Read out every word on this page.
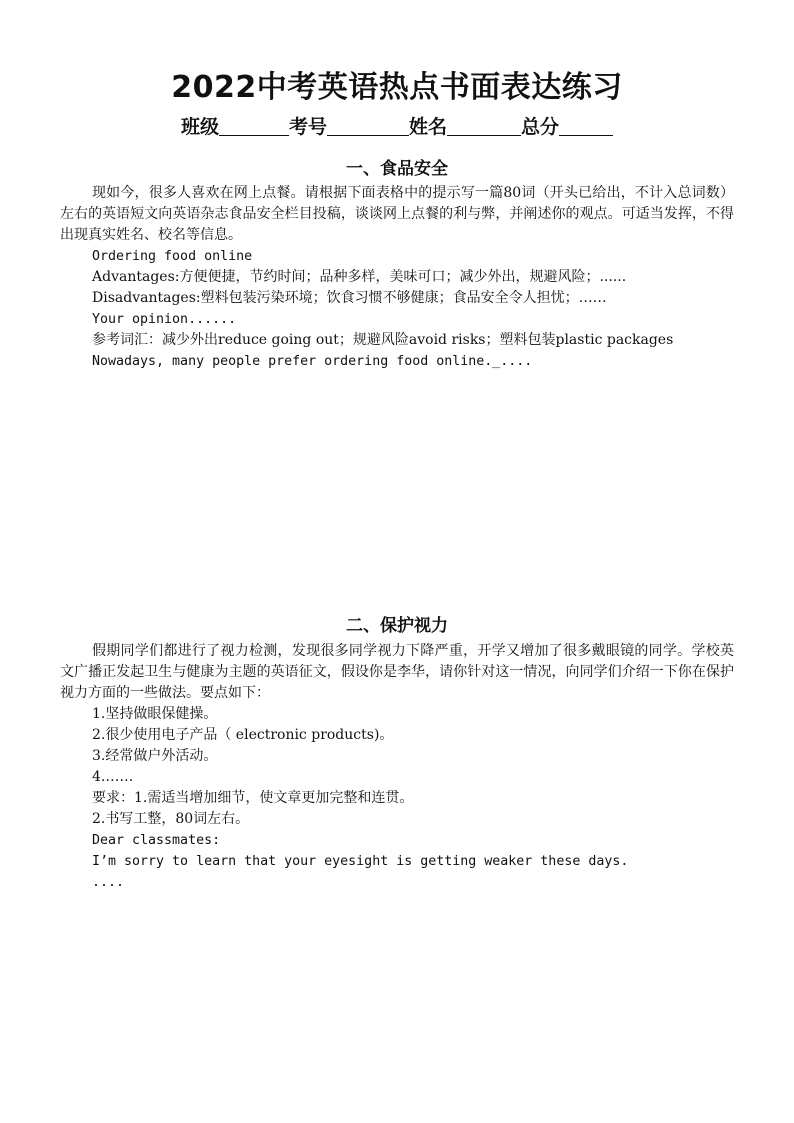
2022中考英语热点书面表达练习
班级	考号	姓名	总分
一、食品安全

现如今，很多人喜欢在网上点餐。请根据下面表格中的提示写一篇80词（开头已给出，不计入总词数）左右的英语短文向英语杂志食品安全栏目投稿，谈谈网上点餐的利与弊，并阐述你的观点。可适当发挥，不得出现真实姓名、校名等信息。

Ordering food online

Advantages:方便便捷，节约时间；品种多样，美味可口；减少外出，规避风险；......

Disadvantages:塑料包装污染环境；饮食习惯不够健康；食品安全令人担忧；……

Your opinion......

参考词汇：减少外出reduce going out；规避风险avoid risks；塑料包装plastic packages

Nowadays, many people prefer ordering food online._....

二、保护视力

假期同学们都进行了视力检测，发现很多同学视力下降严重，开学又增加了很多戴眼镜的同学。学校英文广播正发起卫生与健康为主题的英语征文，假设你是李华，请你针对这一情况，向同学们介绍一下你在保护视力方面的一些做法。要点如下：

1.坚持做眼保健操。

2.很少使用电子产品（ electronic products)。

3.经常做户外活动。

4.……

要求：1.需适当增加细节，使文章更加完整和连贯。

2.书写工整，80词左右。

Dear classmates:

I’m sorry to learn that your eyesight is getting weaker these days.

....
